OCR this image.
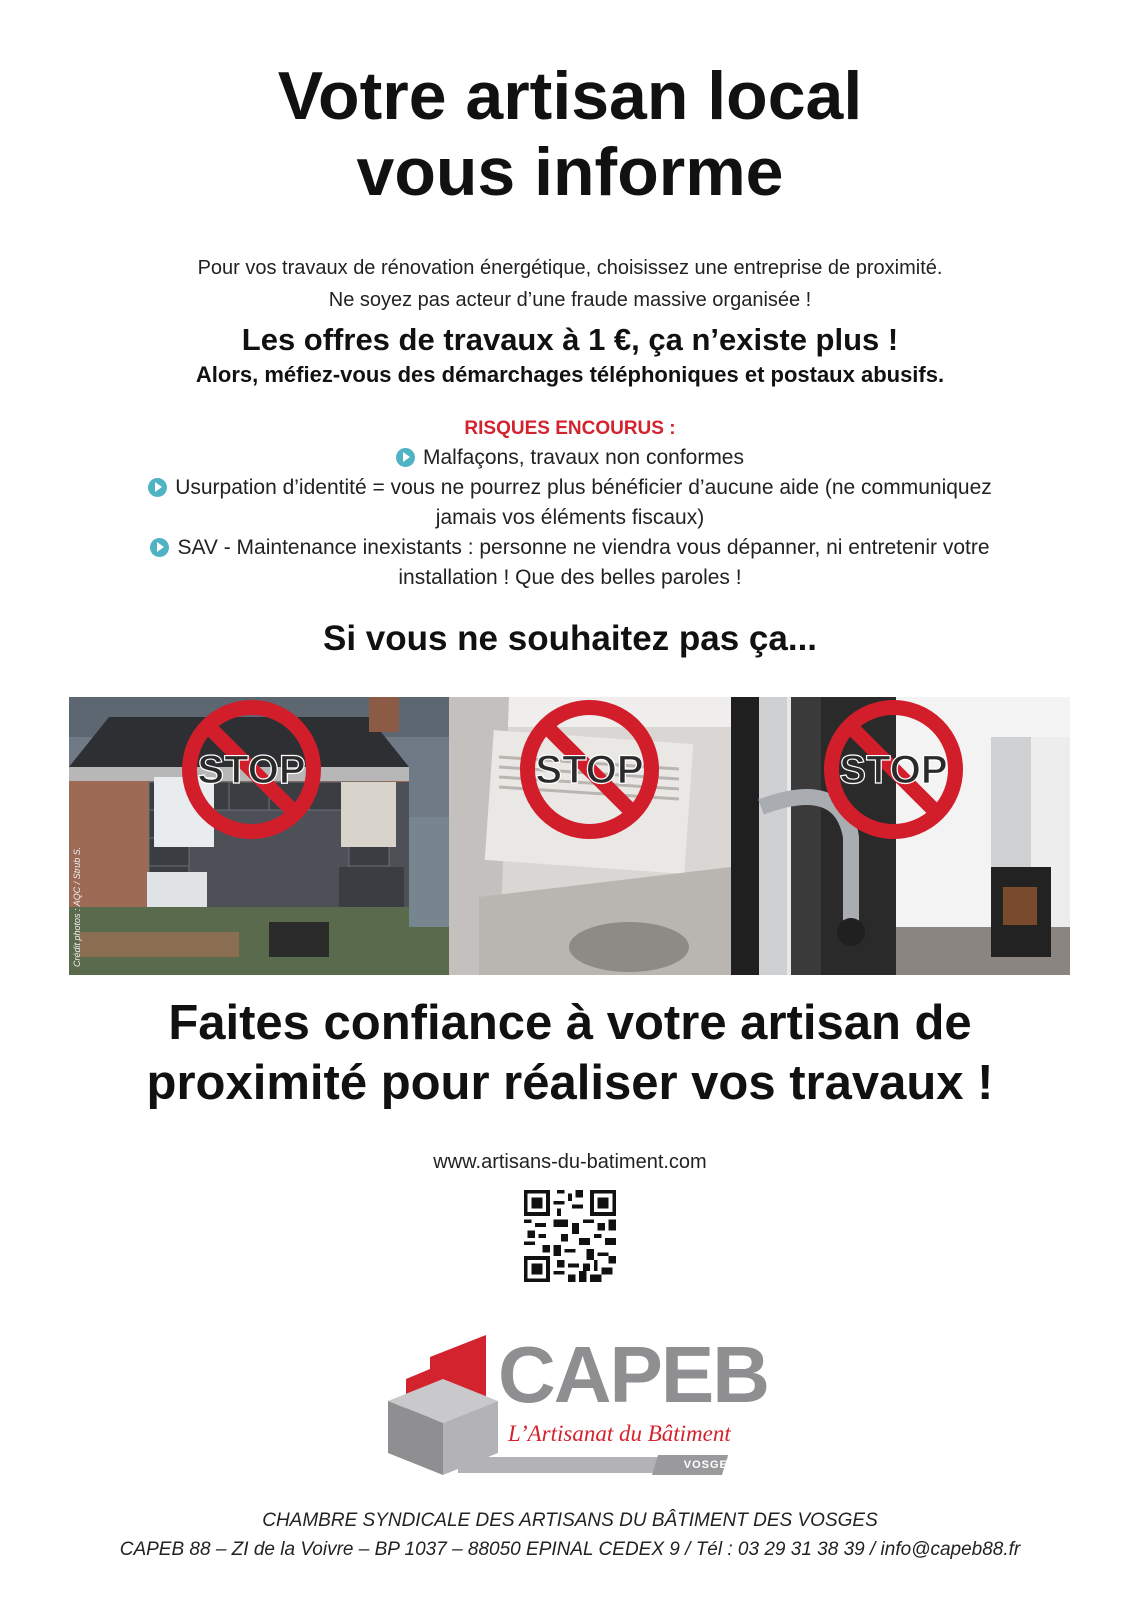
Votre artisan local
vous informe
Pour vos travaux de rénovation énergétique, choisissez une entreprise de proximité.
Ne soyez pas acteur d’une fraude massive organisée !
Les offres de travaux à 1 €, ça n’existe plus !
Alors, méfiez-vous des démarchages téléphoniques et postaux abusifs.
RISQUES ENCOURUS :
Malfaçons, travaux non conformes
Usurpation d’identité = vous ne pourrez plus bénéficier d’aucune aide (ne communiquez
jamais vos éléments fiscaux)
SAV - Maintenance inexistants : personne ne viendra vous dépanner, ni entretenir votre
installation ! Que des belles paroles !
Si vous ne souhaitez pas ça...
STOP
Crédit photos : AQC / Strub S.
STOP	STOP
Faites confiance à votre artisan de
proximité pour réaliser vos travaux !
www.artisans-du-batiment.com
CAPEB
L’Artisanat du Bâtiment
VOSGES
CHAMBRE SYNDICALE DES ARTISANS DU BÂTIMENT DES VOSGES
CAPEB 88 – ZI de la Voivre – BP 1037 – 88050 EPINAL CEDEX 9 / Tél : 03 29 31 38 39 / info@capeb88.fr
